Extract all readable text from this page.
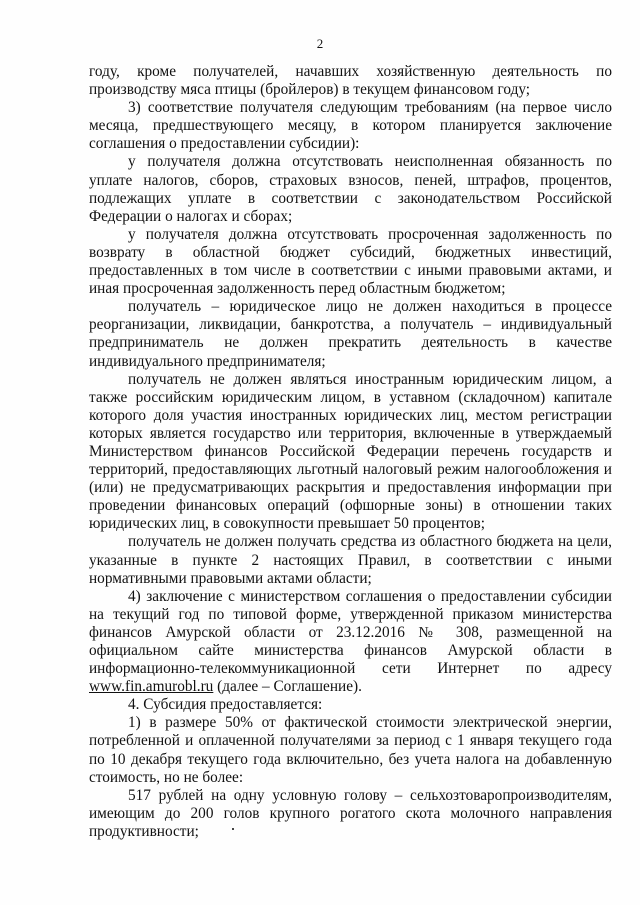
2

году, кроме получателей, начавших хозяйственную деятельность по производству мяса птицы (бройлеров) в текущем финансовом году;

3) соответствие получателя следующим требованиям (на первое число месяца, предшествующего месяцу, в котором планируется заключение соглашения о предоставлении субсидии):

у получателя должна отсутствовать неисполненная обязанность по уплате налогов, сборов, страховых взносов, пеней, штрафов, процентов, подлежащих уплате в соответствии с законодательством Российской Федерации о налогах и сборах;

у получателя должна отсутствовать просроченная задолженность по возврату в областной бюджет субсидий, бюджетных инвестиций, предоставленных в том числе в соответствии с иными правовыми актами, и иная просроченная задолженность перед областным бюджетом;

получатель – юридическое лицо не должен находиться в процессе реорганизации, ликвидации, банкротства, а получатель – индивидуальный предприниматель не должен прекратить деятельность в качестве индивидуального предпринимателя;

получатель не должен являться иностранным юридическим лицом, а также российским юридическим лицом, в уставном (складочном) капитале которого доля участия иностранных юридических лиц, местом регистрации которых является государство или территория, включенные в утверждаемый Министерством финансов Российской Федерации перечень государств и территорий, предоставляющих льготный налоговый режим налогообложения и (или) не предусматривающих раскрытия и предоставления информации при проведении финансовых операций (офшорные зоны) в отношении таких юридических лиц, в совокупности превышает 50 процентов;

получатель не должен получать средства из областного бюджета на цели, указанные в пункте 2 настоящих Правил, в соответствии с иными нормативными правовыми актами области;

4) заключение с министерством соглашения о предоставлении субсидии на текущий год по типовой форме, утвержденной приказом министерства финансов Амурской области от 23.12.2016 № 308, размещенной на официальном сайте министерства финансов Амурской области в информационно-телекоммуникационной сети Интернет по адресу www.fin.amurobl.ru (далее – Соглашение).

4. Субсидия предоставляется:

1) в размере 50% от фактической стоимости электрической энергии, потребленной и оплаченной получателями за период с 1 января текущего года по 10 декабря текущего года включительно, без учета налога на добавленную стоимость, но не более:

517 рублей на одну условную голову – сельхозтоваропроизводителям, имеющим до 200 голов крупного рогатого скота молочного направления продуктивности;
